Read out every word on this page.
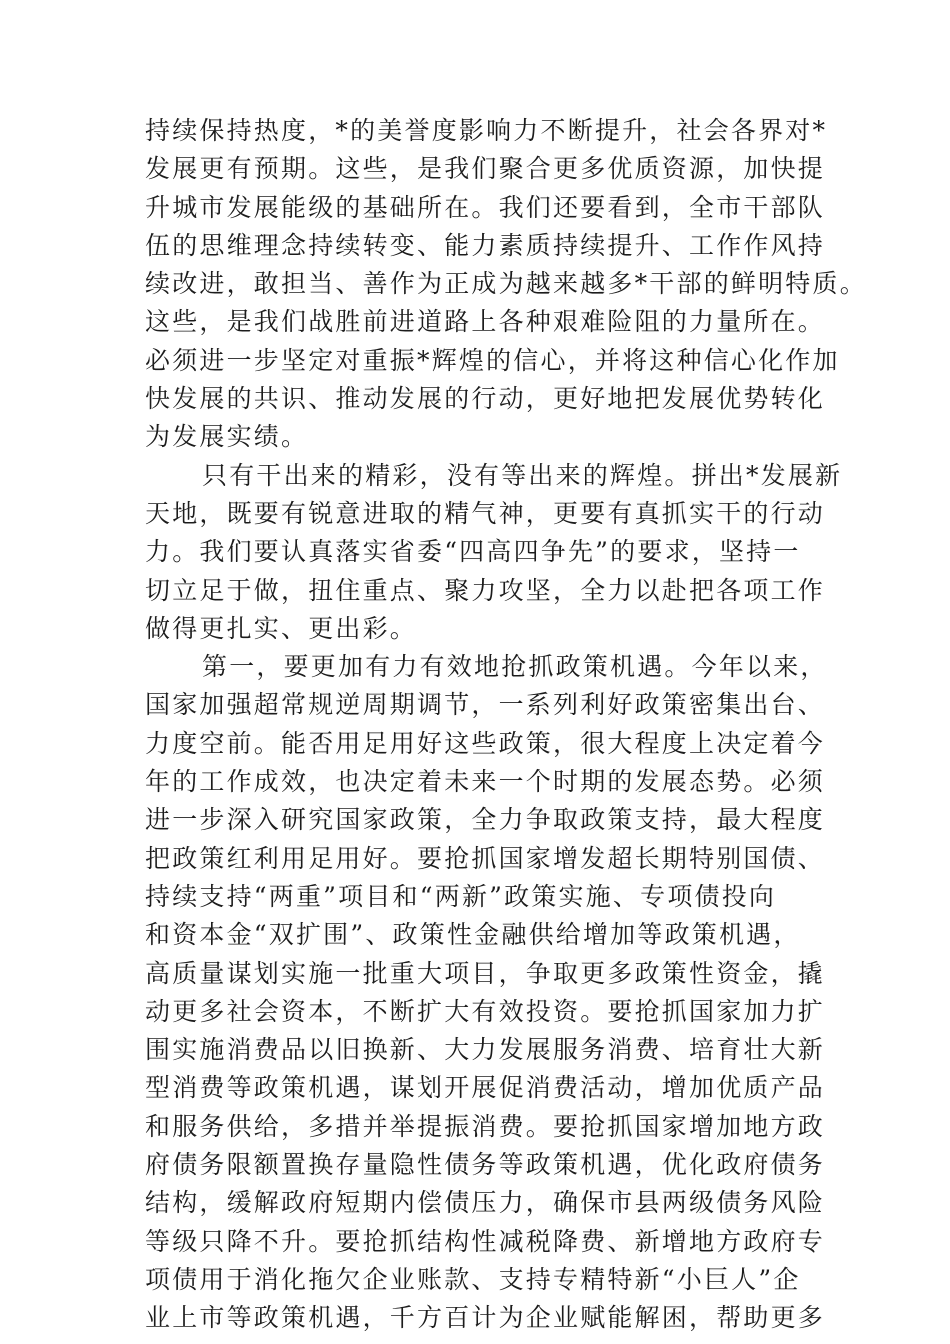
持续保持热度，*的美誉度影响力不断提升，社会各界对*
发展更有预期。这些，是我们聚合更多优质资源，加快提
升城市发展能级的基础所在。我们还要看到，全市干部队
伍的思维理念持续转变、能力素质持续提升、工作作风持
续改进，敢担当、善作为正成为越来越多*干部的鲜明特质。
这些，是我们战胜前进道路上各种艰难险阻的力量所在。
必须进一步坚定对重振*辉煌的信心，并将这种信心化作加
快发展的共识、推动发展的行动，更好地把发展优势转化
为发展实绩。
只有干出来的精彩，没有等出来的辉煌。拼出*发展新
天地，既要有锐意进取的精气神，更要有真抓实干的行动
力。我们要认真落实省委“四高四争先”的要求，坚持一
切立足于做，扭住重点、聚力攻坚，全力以赴把各项工作
做得更扎实、更出彩。
第一，要更加有力有效地抢抓政策机遇。今年以来，
国家加强超常规逆周期调节，一系列利好政策密集出台、
力度空前。能否用足用好这些政策，很大程度上决定着今
年的工作成效，也决定着未来一个时期的发展态势。必须
进一步深入研究国家政策，全力争取政策支持，最大程度
把政策红利用足用好。要抢抓国家增发超长期特别国债、
持续支持“两重”项目和“两新”政策实施、专项债投向
和资本金“双扩围”、政策性金融供给增加等政策机遇，
高质量谋划实施一批重大项目，争取更多政策性资金，撬
动更多社会资本，不断扩大有效投资。要抢抓国家加力扩
围实施消费品以旧换新、大力发展服务消费、培育壮大新
型消费等政策机遇，谋划开展促消费活动，增加优质产品
和服务供给，多措并举提振消费。要抢抓国家增加地方政
府债务限额置换存量隐性债务等政策机遇，优化政府债务
结构，缓解政府短期内偿债压力，确保市县两级债务风险
等级只降不升。要抢抓结构性减税降费、新增地方政府专
项债用于消化拖欠企业账款、支持专精特新“小巨人”企
业上市等政策机遇，千方百计为企业赋能解困，帮助更多
